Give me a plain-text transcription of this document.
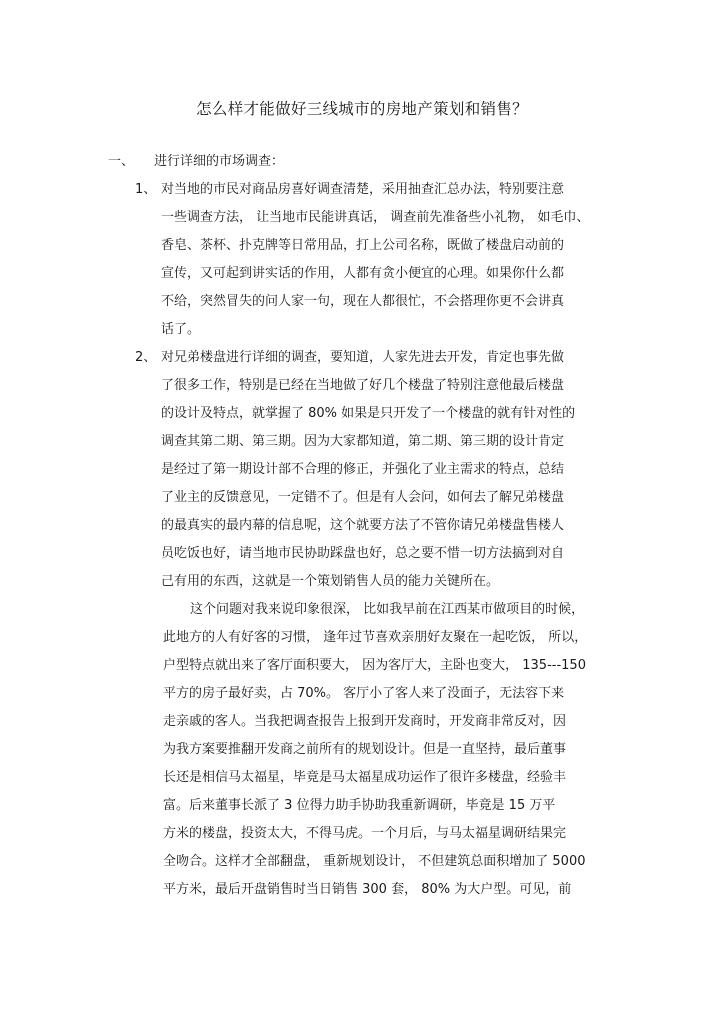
怎么样才能做好三线城市的房地产策划和销售？
一、 进行详细的市场调查：
1、 对当地的市民对商品房喜好调查清楚，采用抽查汇总办法，特别要注意
一些调查方法， 让当地市民能讲真话， 调查前先准备些小礼物， 如毛巾、
香皂、茶杯、扑克牌等日常用品，打上公司名称，既做了楼盘启动前的
宣传，又可起到讲实话的作用，人都有贪小便宜的心理。如果你什么都
不给，突然冒失的问人家一句，现在人都很忙，不会搭理你更不会讲真
话了。
2、 对兄弟楼盘进行详细的调查，要知道，人家先进去开发，肯定也事先做
了很多工作，特别是已经在当地做了好几个楼盘了特别注意他最后楼盘
的设计及特点，就掌握了 80% 如果是只开发了一个楼盘的就有针对性的
调查其第二期、第三期。因为大家都知道，第二期、第三期的设计肯定
是经过了第一期设计部不合理的修正，并强化了业主需求的特点，总结
了业主的反馈意见，一定错不了。但是有人会问，如何去了解兄弟楼盘
的最真实的最内幕的信息呢，这个就要方法了不管你请兄弟楼盘售楼人
员吃饭也好，请当地市民协助踩盘也好，总之要不惜一切方法搞到对自
己有用的东西，这就是一个策划销售人员的能力关键所在。
这个问题对我来说印象很深， 比如我早前在江西某市做项目的时候，
此地方的人有好客的习惯， 逢年过节喜欢亲朋好友聚在一起吃饭， 所以，
户型特点就出来了客厅面积要大， 因为客厅大，主卧也变大， 135---150
平方的房子最好卖，占 70%。 客厅小了客人来了没面子，无法容下来
走亲戚的客人。当我把调查报告上报到开发商时，开发商非常反对，因
为我方案要推翻开发商之前所有的规划设计。但是一直坚持，最后董事
长还是相信马太福星，毕竟是马太福星成功运作了很许多楼盘，经验丰
富。后来董事长派了 3 位得力助手协助我重新调研，毕竟是 15 万平
方米的楼盘，投资太大，不得马虎。一个月后，与马太福星调研结果完
全吻合。这样才全部翻盘， 重新规划设计， 不但建筑总面积增加了 5000
平方米，最后开盘销售时当日销售 300 套， 80% 为大户型。可见，前
